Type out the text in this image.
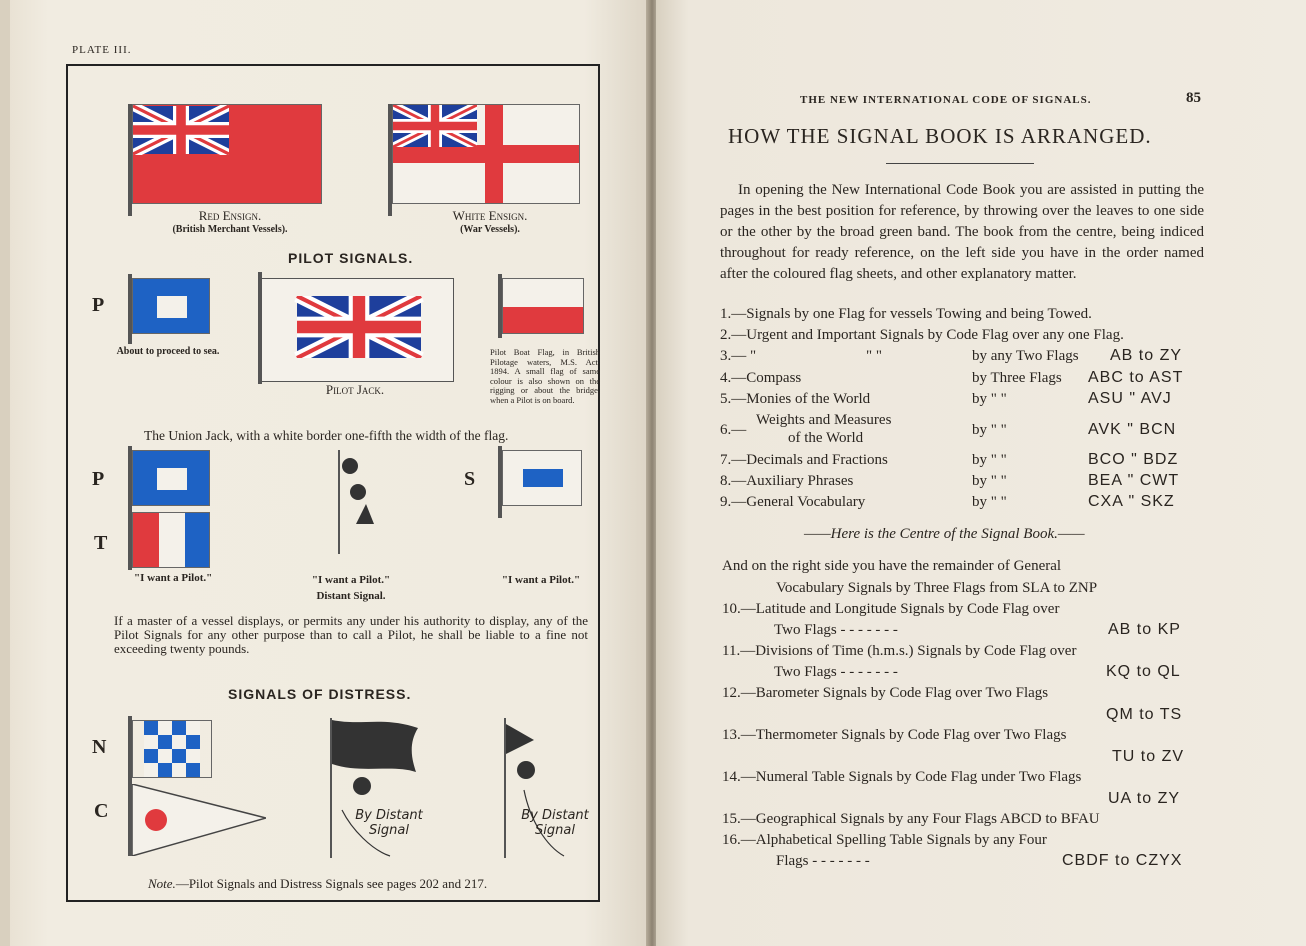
PLATE III.
Red Ensign.
(British Merchant Vessels).
White Ensign.
(War Vessels).
PILOT SIGNALS.
P
About to proceed to sea.
Pilot Jack.
Pilot Boat Flag, in British Pilotage waters, M.S. Act, 1894. A small flag of same colour is also shown on the rigging or about the bridge, when a Pilot is on board.
The Union Jack, with a white border one-fifth the width of the flag.
P
T
"I want a Pilot."	"I want a Pilot."
Distant Signal.
S
"I want a Pilot."
If a master of a vessel displays, or permits any under his authority to display, any of the Pilot Signals for any other purpose than to call a Pilot, he shall be liable to a fine not exceeding twenty pounds.
SIGNALS OF DISTRESS.
N
C	By Distant Signal
By Distant Signal
Note.—Pilot Signals and Distress Signals see pages 202 and 217.
THE NEW INTERNATIONAL CODE OF SIGNALS.	85
HOW THE SIGNAL BOOK IS ARRANGED.
In opening the New International Code Book you are assisted in putting the pages in the best position for reference, by throwing over the leaves to one side or the other by the broad green band. The book from the centre, being indiced throughout for ready reference, on the left side you have in the order named after the coloured flag sheets, and other explanatory matter.
1.—Signals by one Flag for vessels Towing and being Towed.
2.—Urgent and Important Signals by Code Flag over any one Flag.
3.— "	" "	by any Two Flags AB to ZY
4.—Compass	by Three Flags ABC to AST
5.—Monies of the World	by " "	ASU " AVJ
6.—
Weights and Measures
of the World	by " "	AVK " BCN
7.—Decimals and Fractions	by " "	BCO " BDZ
8.—Auxiliary Phrases	by " "	BEA " CWT
9.—General Vocabulary	by " "	CXA " SKZ
——Here is the Centre of the Signal Book.——
And on the right side you have the remainder of General
Vocabulary Signals by Three Flags from SLA to ZNP
10.—Latitude and Longitude Signals by Code Flag over
Two Flags - - - - - - -	AB to KP
11.—Divisions of Time (h.m.s.) Signals by Code Flag over
Two Flags - - - - - - -	KQ to QL
12.—Barometer Signals by Code Flag over Two Flags
QM to TS
13.—Thermometer Signals by Code Flag over Two Flags
TU to ZV
14.—Numeral Table Signals by Code Flag under Two Flags
UA to ZY
15.—Geographical Signals by any Four Flags ABCD to BFAU
16.—Alphabetical Spelling Table Signals by any Four
Flags - - - - - - -	CBDF to CZYX
